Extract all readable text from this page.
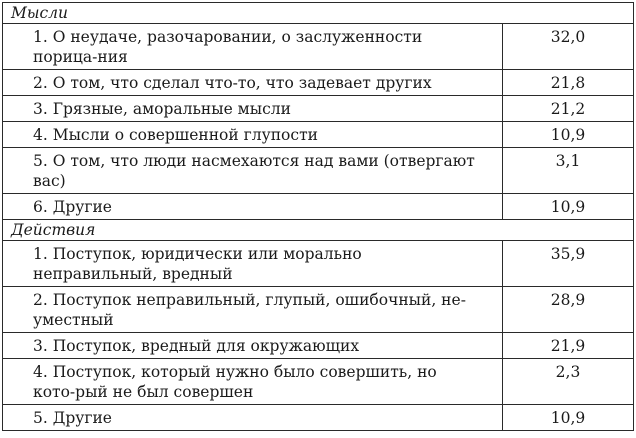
Мысли	
1. О неудаче, разочаровании, о заслуженности порица-ния	32,0
2. О том, что сделал что-то, что задевает других	21,8
3. Грязные, аморальные мысли	21,2
4. Мысли о совершенной глупости	10,9
5. О том, что люди насмехаются над вами (отвергают вас)	3,1
6. Другие	10,9
Действия	
1. Поступок, юридически или морально неправильный, вредный	35,9
2. Поступок неправильный, глупый, ошибочный, не-уместный	28,9
3. Поступок, вредный для окружающих	21,9
4. Поступок, который нужно было совершить, но кото-рый не был совершен	2,3
5. Другие	10,9
